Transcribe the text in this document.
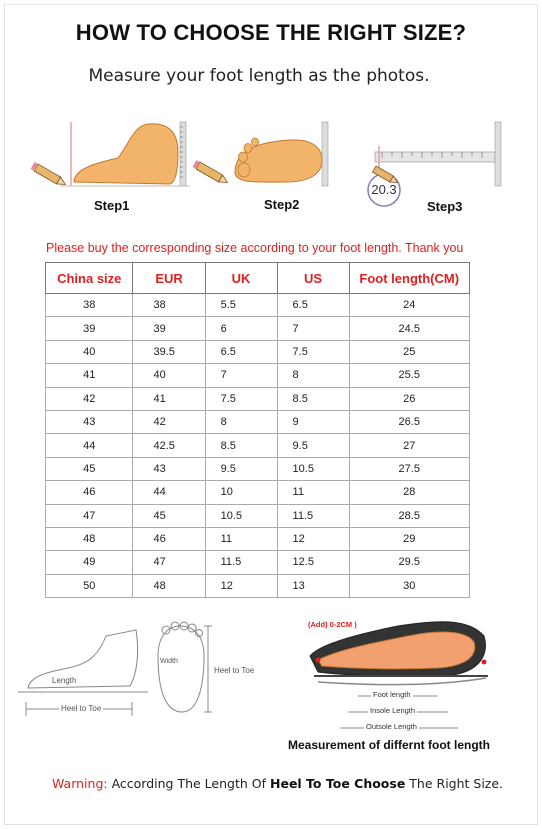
HOW TO CHOOSE THE RIGHT SIZE?
Measure your foot length as the photos.
20.3
Step1	Step2	Step3
Please buy the corresponding size according to your foot length. Thank you
China size	EUR	UK	US	Foot length(CM)
38	38	5.5	6.5	24
39	39	6	7	24.5
40	39.5	6.5	7.5	25
41	40	7	8	25.5
42	41	7.5	8.5	26
43	42	8	9	26.5
44	42.5	8.5	9.5	27
45	43	9.5	10.5	27.5
46	44	10	11	28
47	45	10.5	11.5	28.5
48	46	11	12	29
49	47	11.5	12.5	29.5
50	48	12	13	30
Length
Heel to Toe
Width
Heel to Toe
(Add) 0-2CM )
Foot length
Insole Length
Outsole Length
Measurement of differnt foot length
Warning: According The Length Of Heel To Toe Choose The Right Size.
